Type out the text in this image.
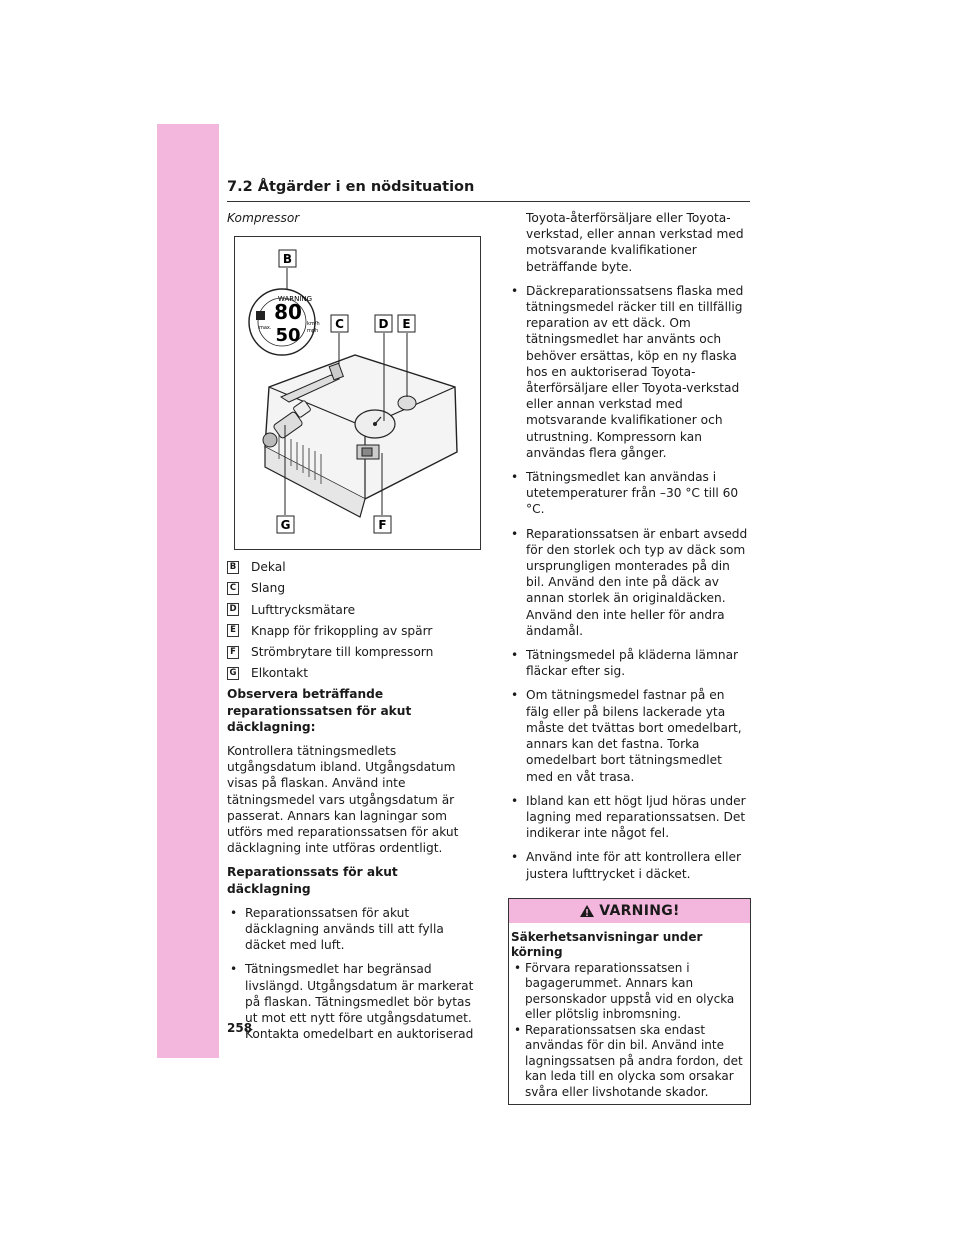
7.2 Åtgärder i en nödsituation

Kompressor

80
50
WARNING
km/h
mph
max.
B
C	D E
F
G
B Dekal
C Slang
D Lufttrycksmätare
E Knapp för frikoppling av spärr
F Strömbrytare till kompressorn
G Elkontakt

Observera beträffande reparationssatsen för akut däcklagning:

Kontrollera tätningsmedlets utgångsdatum ibland. Utgångsdatum visas på flaskan. Använd inte tätningsmedel vars utgångsdatum är passerat. Annars kan lagningar som utförs med reparationssatsen för akut däcklagning inte utföras ordentligt.

Reparationssats för akut däcklagning

• Reparationssatsen för akut däcklagning används till att fylla däcket med luft.

• Tätningsmedlet har begränsad livslängd. Utgångsdatum är markerat på flaskan. Tätningsmedlet bör bytas ut mot ett nytt före utgångsdatumet. Kontakta omedelbart en auktoriserad

Toyota-återförsäljare eller Toyota-verkstad, eller annan verkstad med motsvarande kvalifikationer beträffande byte.

• Däckreparationssatsens flaska med tätningsmedel räcker till en tillfällig reparation av ett däck. Om tätningsmedlet har använts och behöver ersättas, köp en ny flaska hos en auktoriserad Toyota-återförsäljare eller Toyota-verkstad eller annan verkstad med motsvarande kvalifikationer och utrustning. Kompressorn kan användas flera gånger.

• Tätningsmedlet kan användas i utetemperaturer från –30 °C till 60 °C.

• Reparationssatsen är enbart avsedd för den storlek och typ av däck som ursprungligen monterades på din bil. Använd den inte på däck av annan storlek än originaldäcken. Använd den inte heller för andra ändamål.

• Tätningsmedel på kläderna lämnar fläckar efter sig.

• Om tätningsmedel fastnar på en fälg eller på bilens lackerade yta måste det tvättas bort omedelbart, annars kan det fastna. Torka omedelbart bort tätningsmedlet med en våt trasa.

• Ibland kan ett högt ljud höras under lagning med reparationssatsen. Det indikerar inte något fel.

• Använd inte för att kontrollera eller justera lufttrycket i däcket.

VARNING!
Säkerhetsanvisningar under körning
• Förvara reparationssatsen i bagagerummet. Annars kan personskador uppstå vid en olycka eller plötslig inbromsning.
• Reparationssatsen ska endast användas för din bil. Använd inte lagningssatsen på andra fordon, det kan leda till en olycka som orsakar svåra eller livshotande skador.
258
